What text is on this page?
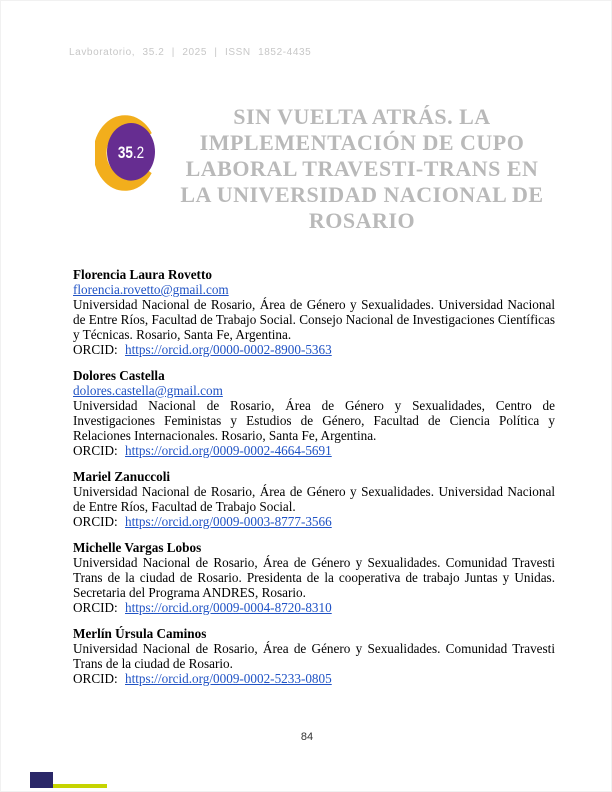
Lavboratorio, 35.2 | 2025 | ISSN 1852-4435
35.2
SIN VUELTA ATRÁS. LA
IMPLEMENTACIÓN DE CUPO
LABORAL TRAVESTI-TRANS EN
LA UNIVERSIDAD NACIONAL DE
ROSARIO
Florencia Laura Rovetto
florencia.rovetto@gmail.com

Universidad Nacional de Rosario, Área de Género y Sexualidades. Universidad Nacional de Entre Ríos, Facultad de Trabajo Social. Consejo Nacional de Investigaciones Científicas y Técnicas. Rosario, Santa Fe, Argentina.

ORCID: https://orcid.org/0000-0002-8900-5363
Dolores Castella
dolores.castella@gmail.com

Universidad Nacional de Rosario, Área de Género y Sexualidades, Centro de Investigaciones Feministas y Estudios de Género, Facultad de Ciencia Política y Relaciones Internacionales. Rosario, Santa Fe, Argentina.

ORCID: https://orcid.org/0009-0002-4664-5691
Mariel Zanuccoli

Universidad Nacional de Rosario, Área de Género y Sexualidades. Universidad Nacional de Entre Ríos, Facultad de Trabajo Social.

ORCID: https://orcid.org/0009-0003-8777-3566
Michelle Vargas Lobos

Universidad Nacional de Rosario, Área de Género y Sexualidades. Comunidad Travesti Trans de la ciudad de Rosario. Presidenta de la cooperativa de trabajo Juntas y Unidas. Secretaria del Programa ANDRES, Rosario.

ORCID: https://orcid.org/0009-0004-8720-8310
Merlín Úrsula Caminos

Universidad Nacional de Rosario, Área de Género y Sexualidades. Comunidad Travesti Trans de la ciudad de Rosario.

ORCID: https://orcid.org/0009-0002-5233-0805
84
